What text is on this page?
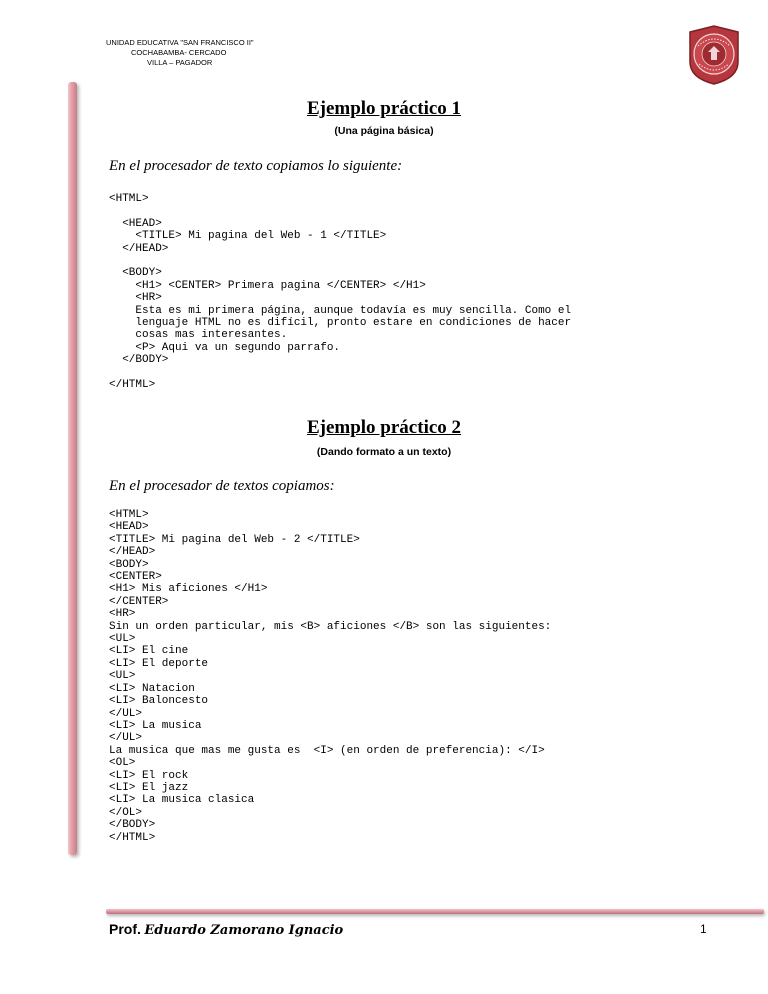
UNIDAD EDUCATIVA "SAN FRANCISCO II"
COCHABAMBA- CERCADO
VILLA – PAGADOR
Ejemplo práctico 1
(Una página básica)
En el procesador de texto copiamos lo siguiente:
<HTML>

<HEAD>
<TITLE> Mi pagina del Web - 1 </TITLE>
</HEAD>

<BODY>
<H1> <CENTER> Primera pagina </CENTER> </H1>
<HR>
Esta es mi primera página, aunque todavía es muy sencilla. Como el
lenguaje HTML no es difícil, pronto estare en condiciones de hacer
cosas mas interesantes.
<P> Aqui va un segundo parrafo.
</BODY>

</HTML>
Ejemplo práctico 2
(Dando formato a un texto)
En el procesador de textos copiamos:
<HTML>
<HEAD>
<TITLE> Mi pagina del Web - 2 </TITLE>
</HEAD>
<BODY>
<CENTER>
<H1> Mis aficiones </H1>
</CENTER>
<HR>
Sin un orden particular, mis <B> aficiones </B> son las siguientes:
<UL>
<LI> El cine
<LI> El deporte
<UL>
<LI> Natacion
<LI> Baloncesto
</UL>
<LI> La musica
</UL>
La musica que mas me gusta es  <I> (en orden de preferencia): </I>
<OL>
<LI> El rock
<LI> El jazz
<LI> La musica clasica
</OL>
</BODY>
</HTML>
Prof. Eduardo Zamorano Ignacio	1
